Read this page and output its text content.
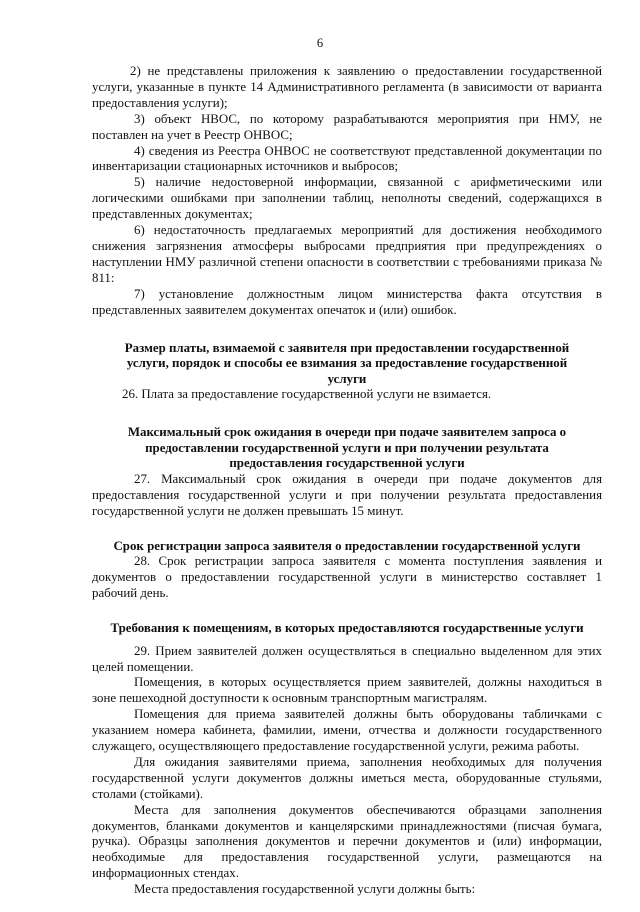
6

2) не представлены приложения к заявлению о предоставлении государственной услуги, указанные в пункте 14 Административного регламента (в зависимости от варианта предоставления услуги);

3) объект НВОС, по которому разрабатываются мероприятия при НМУ, не поставлен на учет в Реестр ОНВОС;

4) сведения из Реестра ОНВОС не соответствуют представленной документации по инвентаризации стационарных источников и выбросов;

5) наличие недостоверной информации, связанной с арифметическими или логическими ошибками при заполнении таблиц, неполноты сведений, содержащихся в представленных документах;

6) недостаточность предлагаемых мероприятий для достижения необходимого снижения загрязнения атмосферы выбросами предприятия при предупреждениях о наступлении НМУ различной степени опасности в соответствии с требованиями приказа № 811:

7) установление должностным лицом министерства факта отсутствия в представленных заявителем документах опечаток и (или) ошибок.

Размер платы, взимаемой с заявителя при предоставлении государственной услуги, порядок и способы ее взимания за предоставление государственной услуги

26. Плата за предоставление государственной услуги не взимается.

Максимальный срок ожидания в очереди при подаче заявителем запроса о предоставлении государственной услуги и при получении результата предоставления государственной услуги

27. Максимальный срок ожидания в очереди при подаче документов для предоставления государственной услуги и при получении результата предоставления государственной услуги не должен превышать 15 минут.

Срок регистрации запроса заявителя о предоставлении государственной услуги

28. Срок регистрации запроса заявителя с момента поступления заявления и документов о предоставлении государственной услуги в министерство составляет 1 рабочий день.

Требования к помещениям, в которых предоставляются государственные услуги

29. Прием заявителей должен осуществляться в специально выделенном для этих целей помещении.

Помещения, в которых осуществляется прием заявителей, должны находиться в зоне пешеходной доступности к основным транспортным магистралям.

Помещения для приема заявителей должны быть оборудованы табличками с указанием номера кабинета, фамилии, имени, отчества и должности государственного служащего, осуществляющего предоставление государственной услуги, режима работы.

Для ожидания заявителями приема, заполнения необходимых для получения государственной услуги документов должны иметься места, оборудованные стульями, столами (стойками).

Места для заполнения документов обеспечиваются образцами заполнения документов, бланками документов и канцелярскими принадлежностями (писчая бумага, ручка). Образцы заполнения документов и перечни документов и (или) информации, необходимые для предоставления государственной услуги, размещаются на информационных стендах.

Места предоставления государственной услуги должны быть:
